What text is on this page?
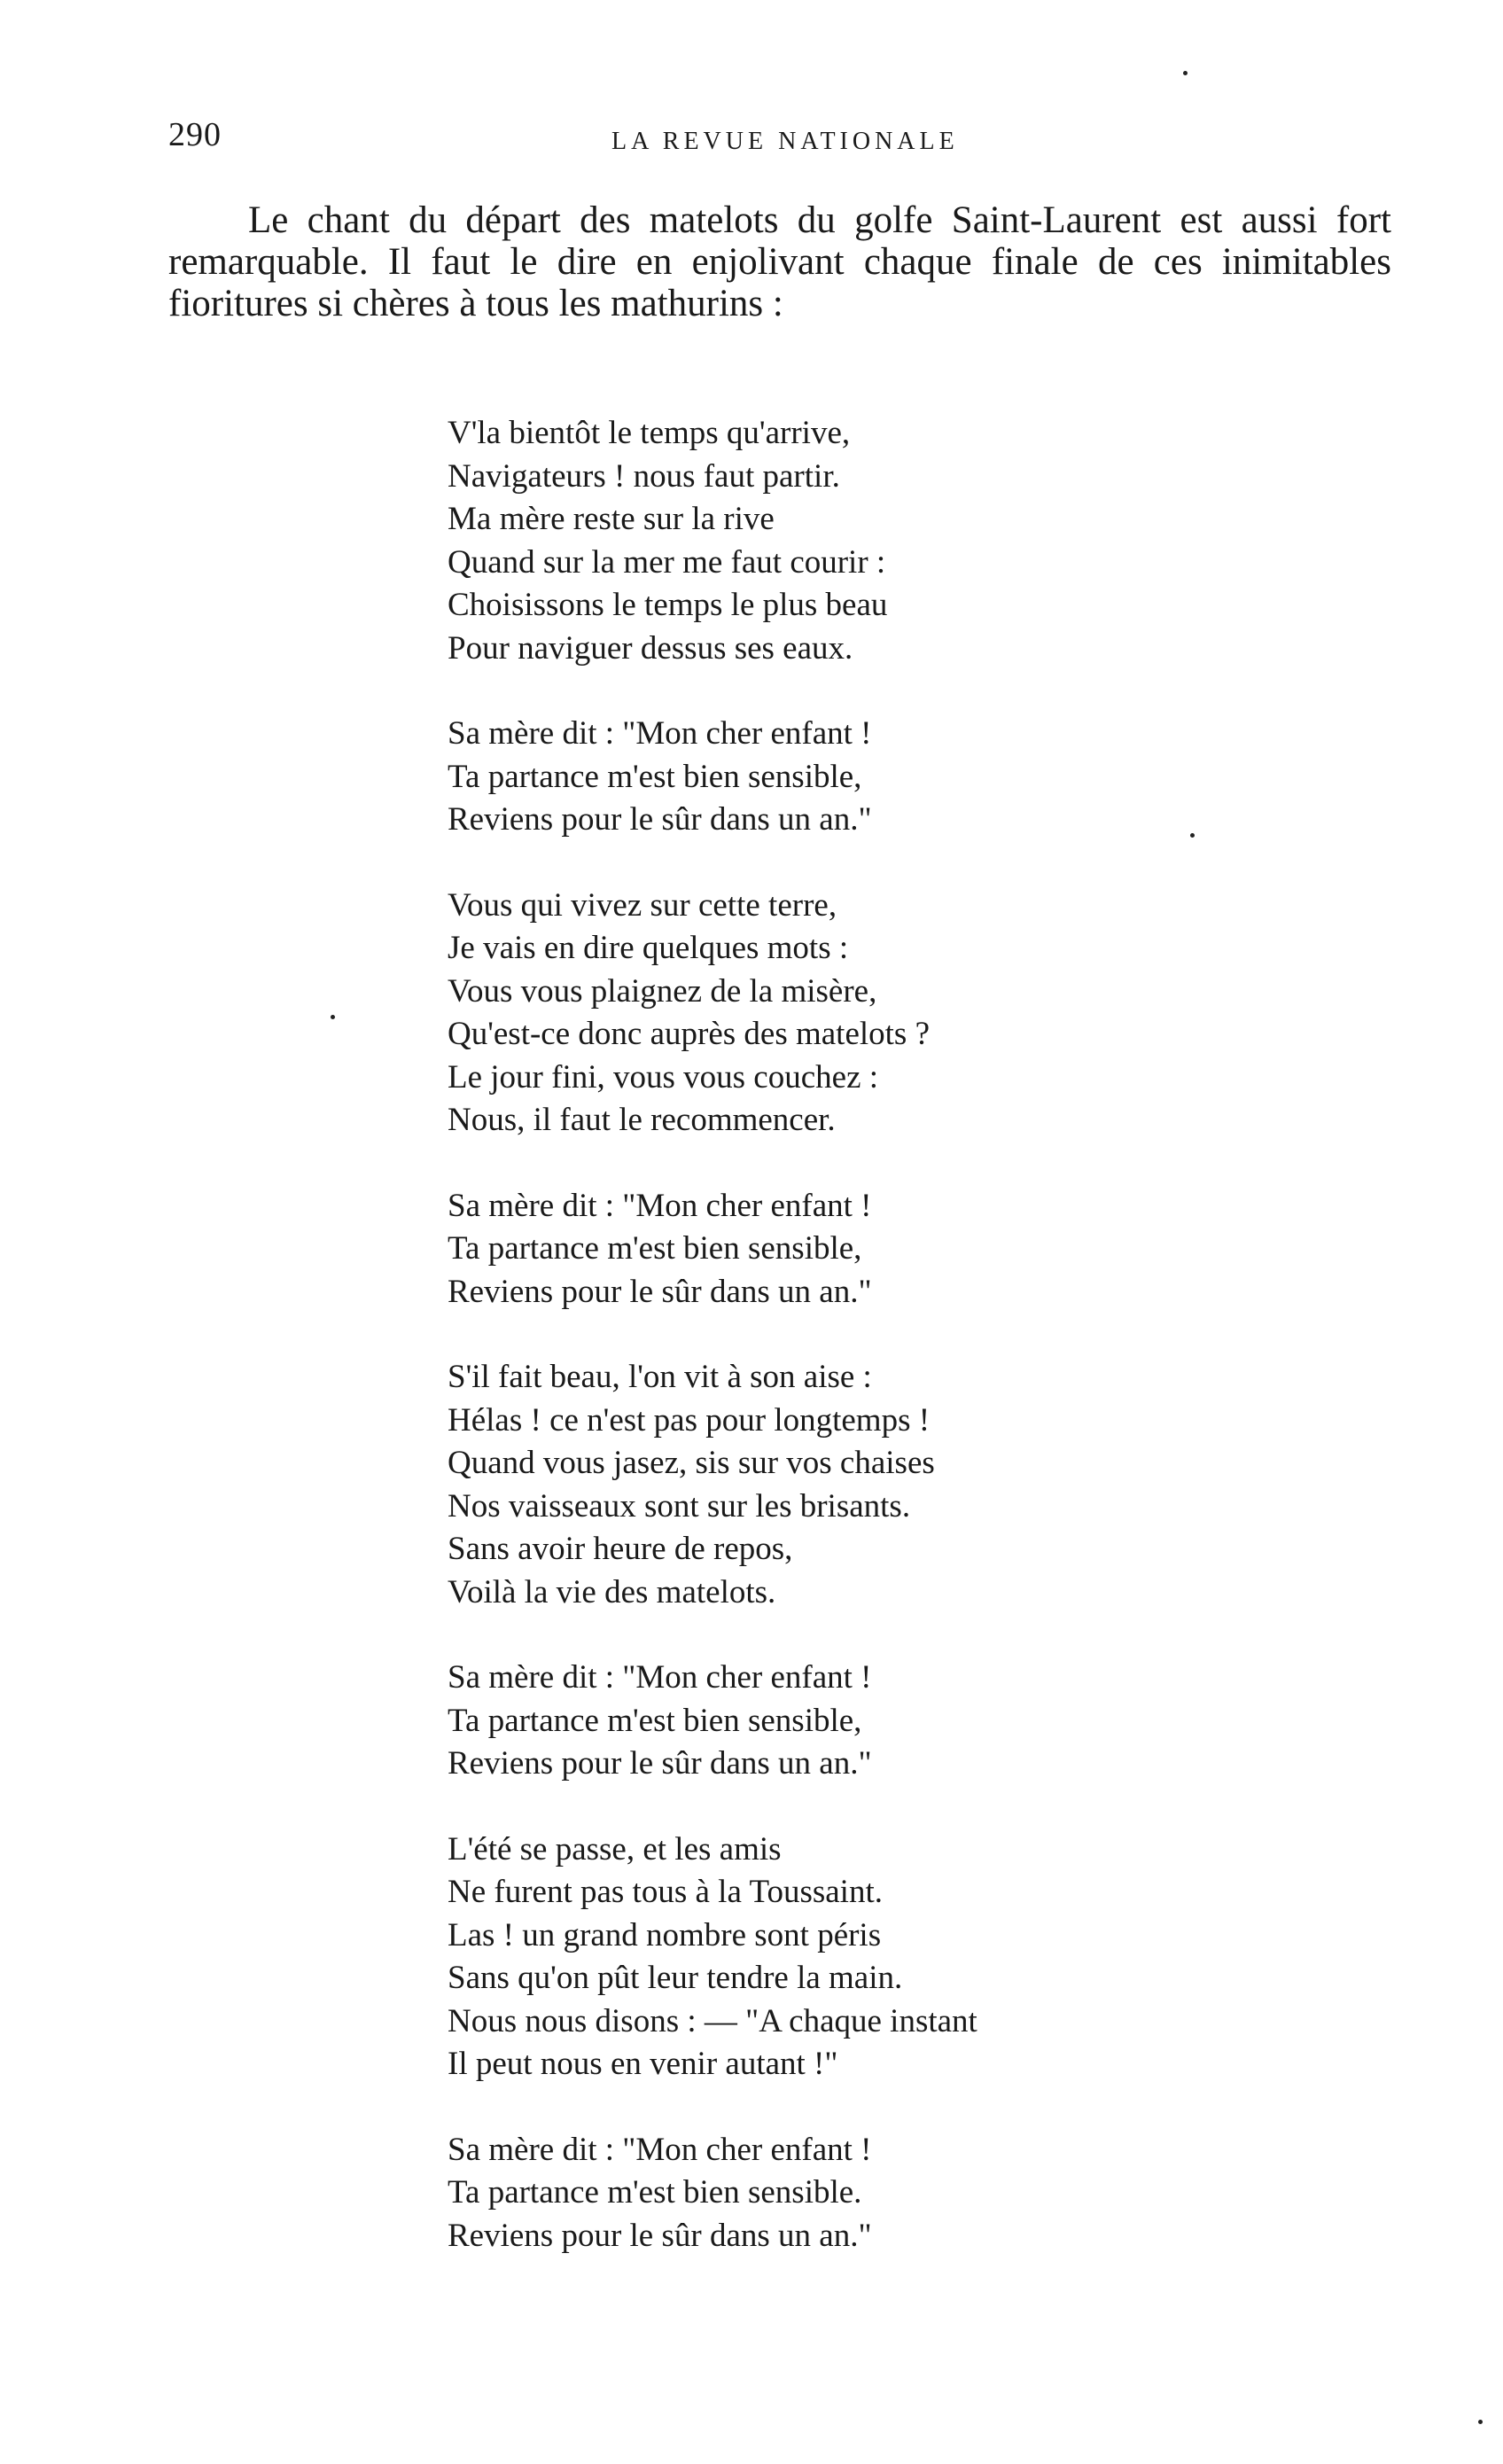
290	LA REVUE NATIONALE

Le chant du départ des matelots du golfe Saint-Laurent est aussi fort remarquable. Il faut le dire en enjolivant chaque finale de ces inimitables fioritures si chères à tous les mathurins :

V'la bientôt le temps qu'arrive,
Navigateurs ! nous faut partir.
Ma mère reste sur la rive
Quand sur la mer me faut courir :
Choisissons le temps le plus beau
Pour naviguer dessus ses eaux.
Sa mère dit : "Mon cher enfant !
Ta partance m'est bien sensible,
Reviens pour le sûr dans un an."
Vous qui vivez sur cette terre,
Je vais en dire quelques mots :
Vous vous plaignez de la misère,
Qu'est-ce donc auprès des matelots ?
Le jour fini, vous vous couchez :
Nous, il faut le recommencer.
Sa mère dit : "Mon cher enfant !
Ta partance m'est bien sensible,
Reviens pour le sûr dans un an."
S'il fait beau, l'on vit à son aise :
Hélas ! ce n'est pas pour longtemps !
Quand vous jasez, sis sur vos chaises
Nos vaisseaux sont sur les brisants.
Sans avoir heure de repos,
Voilà la vie des matelots.
Sa mère dit : "Mon cher enfant !
Ta partance m'est bien sensible,
Reviens pour le sûr dans un an."
L'été se passe, et les amis
Ne furent pas tous à la Toussaint.
Las ! un grand nombre sont péris
Sans qu'on pût leur tendre la main.
Nous nous disons : — "A chaque instant
Il peut nous en venir autant !"
Sa mère dit : "Mon cher enfant !
Ta partance m'est bien sensible.
Reviens pour le sûr dans un an."
